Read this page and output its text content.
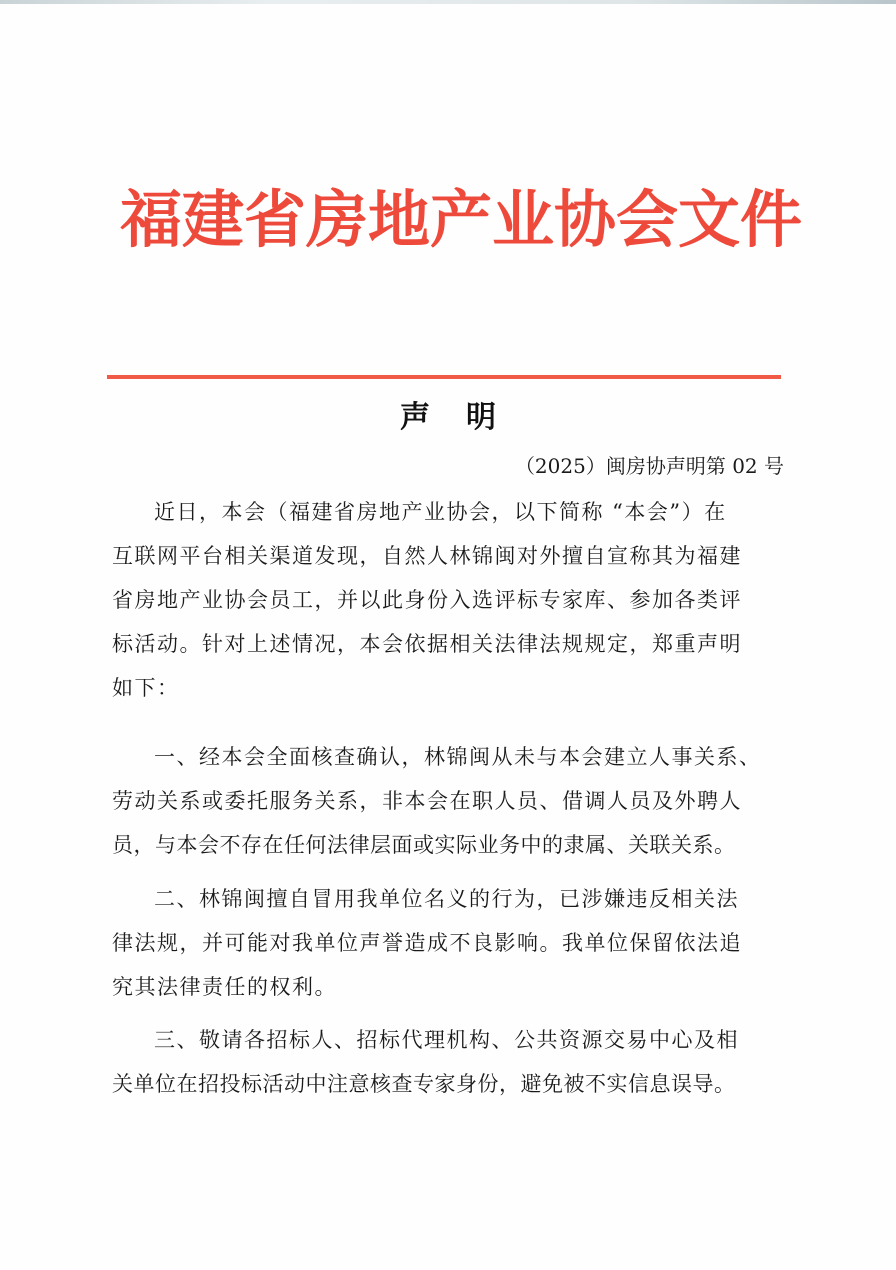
福建省房地产业协会文件
声明
（2025）闽房协声明第 02 号

近日，本会（福建省房地产业协会，以下简称 “本会”）在

互联网平台相关渠道发现，自然人林锦闽对外擅自宣称其为福建
省房地产业协会员工，并以此身份入选评标专家库、参加各类评
标活动。针对上述情况，本会依据相关法律法规规定，郑重声明
如下：

一、经本会全面核查确认，林锦闽从未与本会建立人事关系、

劳动关系或委托服务关系，非本会在职人员、借调人员及外聘人
员，与本会不存在任何法律层面或实际业务中的隶属、关联关系。

二、林锦闽擅自冒用我单位名义的行为，已涉嫌违反相关法

律法规，并可能对我单位声誉造成不良影响。我单位保留依法追
究其法律责任的权利。

三、敬请各招标人、招标代理机构、公共资源交易中心及相

关单位在招投标活动中注意核查专家身份，避免被不实信息误导。
